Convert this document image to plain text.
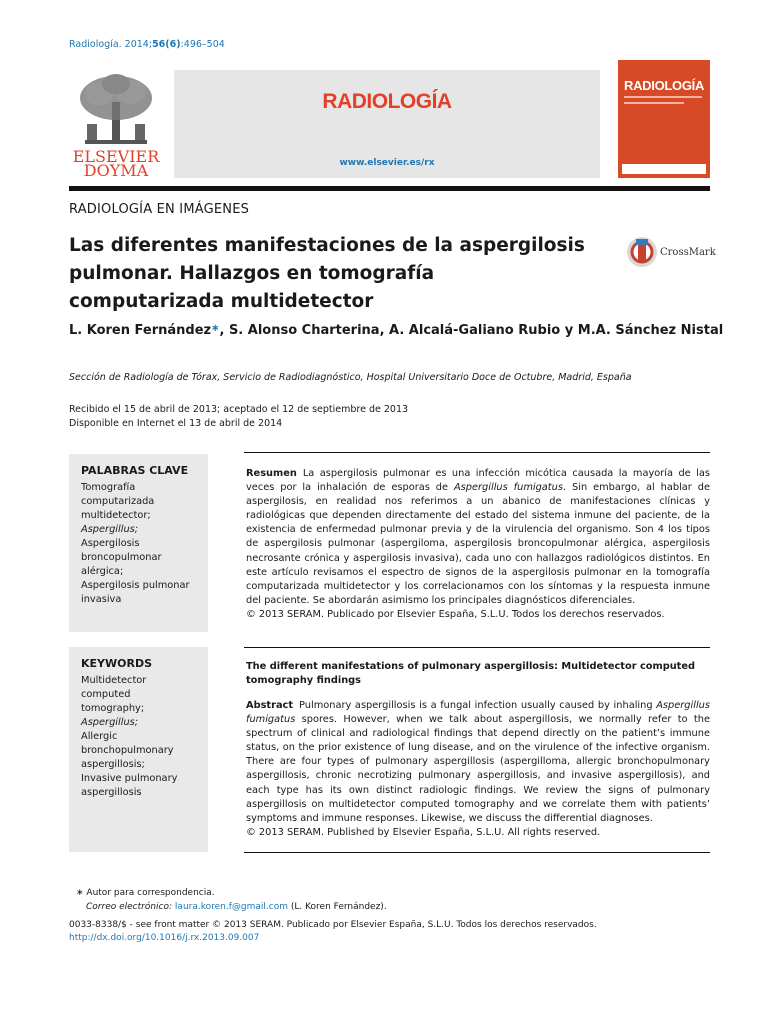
Radiología. 2014;56(6):496–504
ELSEVIER
DOYMA
RADIOLOGÍA
www.elsevier.es/rx
RADIOLOGÍA
RADIOLOGÍA EN IMÁGENES
Las diferentes manifestaciones de la aspergilosis pulmonar. Hallazgos en tomografía computarizada multidetector
CrossMark
L. Koren Fernández∗, S. Alonso Charterina, A. Alcalá-Galiano Rubio y M.A. Sánchez Nistal
Sección de Radiología de Tórax, Servicio de Radiodiagnóstico, Hospital Universitario Doce de Octubre, Madrid, España
Recibido el 15 de abril de 2013; aceptado el 12 de septiembre de 2013
Disponible en Internet el 13 de abril de 2014
PALABRAS CLAVE
Tomografía
computarizada
multidetector;
Aspergillus;
Aspergilosis
broncopulmonar
alérgica;
Aspergilosis pulmonar
invasiva
Resumen La aspergilosis pulmonar es una infección micótica causada la mayoría de las veces por la inhalación de esporas de Aspergillus fumigatus. Sin embargo, al hablar de aspergilosis, en realidad nos referimos a un abanico de manifestaciones clínicas y radiológicas que dependen directamente del estado del sistema inmune del paciente, de la existencia de enfermedad pulmonar previa y de la virulencia del organismo. Son 4 los tipos de aspergilosis pulmonar (aspergiloma, aspergilosis broncopulmonar alérgica, aspergilosis necrosante crónica y aspergilosis invasiva), cada uno con hallazgos radiológicos distintos. En este artículo revisamos el espectro de signos de la aspergilosis pulmonar en la tomografía computarizada multidetector y los correlacionamos con los síntomas y la respuesta inmune del paciente. Se abordarán asimismo los principales diagnósticos diferenciales.
© 2013 SERAM. Publicado por Elsevier España, S.L.U. Todos los derechos reservados.
KEYWORDS
Multidetector
computed
tomography;
Aspergillus;
Allergic
bronchopulmonary
aspergillosis;
Invasive pulmonary
aspergillosis
The different manifestations of pulmonary aspergillosis: Multidetector computed tomography findings
Abstract Pulmonary aspergillosis is a fungal infection usually caused by inhaling Aspergillus fumigatus spores. However, when we talk about aspergillosis, we normally refer to the spectrum of clinical and radiological findings that depend directly on the patient’s immune status, on the prior existence of lung disease, and on the virulence of the infective organism. There are four types of pulmonary aspergillosis (aspergilloma, allergic bronchopulmonary aspergillosis, chronic necrotizing pulmonary aspergillosis, and invasive aspergillosis), and each type has its own distinct radiologic findings. We review the signs of pulmonary aspergillosis on multidetector computed tomography and we correlate them with patients’ symptoms and immune responses. Likewise, we discuss the differential diagnoses.
© 2013 SERAM. Published by Elsevier España, S.L.U. All rights reserved.
∗ Autor para correspondencia.
Correo electrónico: laura.koren.f@gmail.com (L. Koren Fernández).
0033-8338/$ - see front matter © 2013 SERAM. Publicado por Elsevier España, S.L.U. Todos los derechos reservados.
http://dx.doi.org/10.1016/j.rx.2013.09.007
